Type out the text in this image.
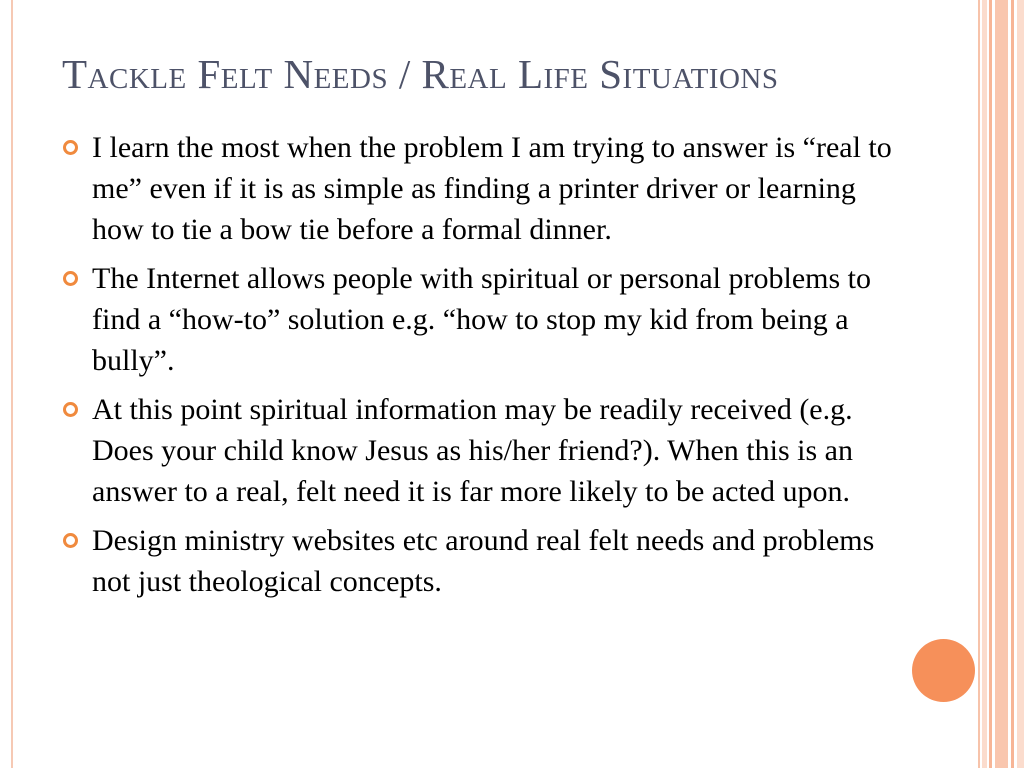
Tackle Felt Needs / Real Life Situations
I learn the most when the problem I am trying to answer is “real to me” even if it is as simple as finding a printer driver or learning how to tie a bow tie before a formal dinner.
The Internet allows people with spiritual or personal problems to find a “how-to” solution e.g. “how to stop my kid from being a bully”.
At this point spiritual information may be readily received (e.g. Does your child know Jesus as his/her friend?). When this is an answer to a real, felt need it is far more likely to be acted upon.
Design ministry websites etc around real felt needs and problems not just theological concepts.
